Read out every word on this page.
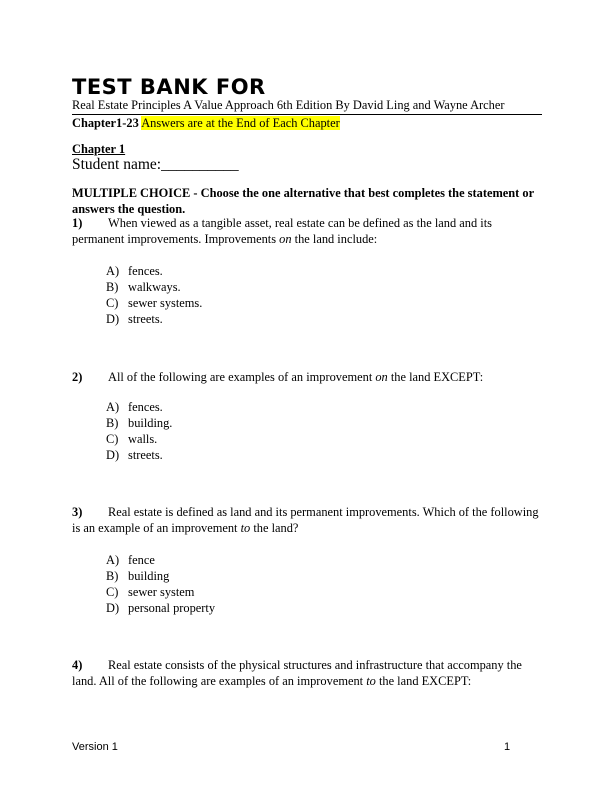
TEST BANK FOR
Real Estate Principles A Value Approach 6th Edition By David Ling and Wayne Archer
Chapter1-23 Answers are at the End of Each Chapter
Chapter 1
Student name:__________
MULTIPLE CHOICE - Choose the one alternative that best completes the statement or answers the question.
1) When viewed as a tangible asset, real estate can be defined as the land and its permanent improvements. Improvements on the land include:
A) fences.
B) walkways.
C) sewer systems.
D) streets.
2) All of the following are examples of an improvement on the land EXCEPT:
A) fences.
B) building.
C) walls.
D) streets.
3) Real estate is defined as land and its permanent improvements. Which of the following is an example of an improvement to the land?
A) fence
B) building
C) sewer system
D) personal property
4) Real estate consists of the physical structures and infrastructure that accompany the land. All of the following are examples of an improvement to the land EXCEPT:
Version 1	1
